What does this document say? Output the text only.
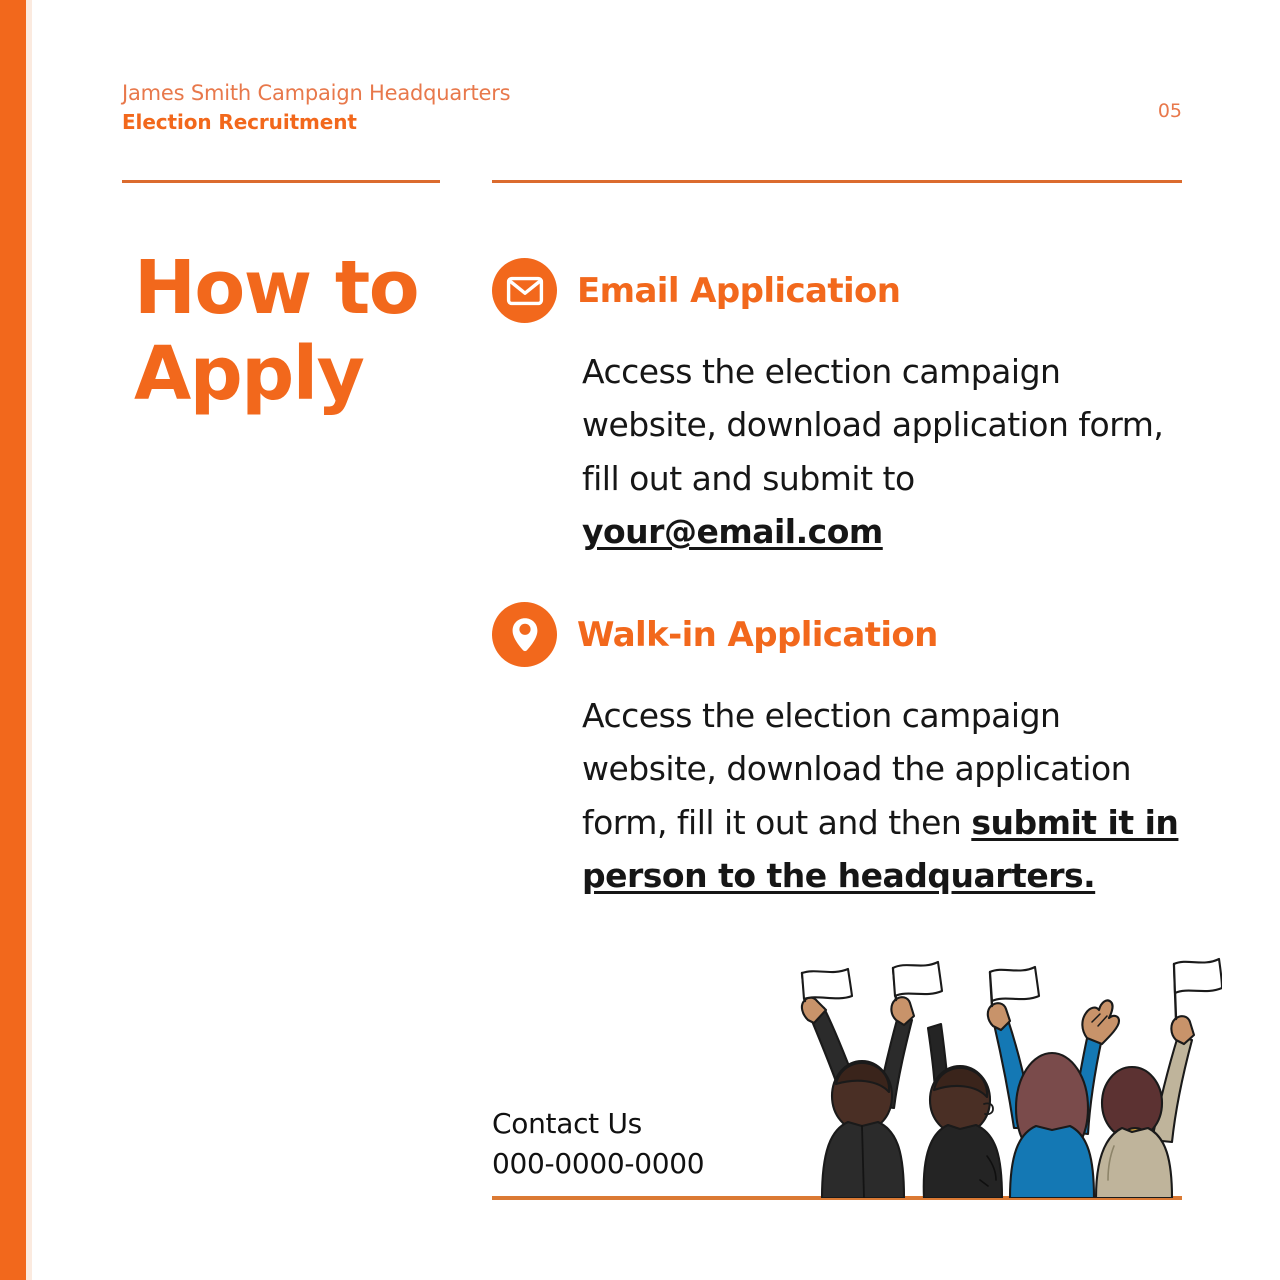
James Smith Campaign Headquarters
Election Recruitment	05
How to Apply
Email Application
Access the election campaign website, download application form, fill out and submit to your@email.com
Walk-in Application
Access the election campaign website, download the application form, fill it out and then submit it in person to the headquarters.
Contact Us
000-0000-0000
